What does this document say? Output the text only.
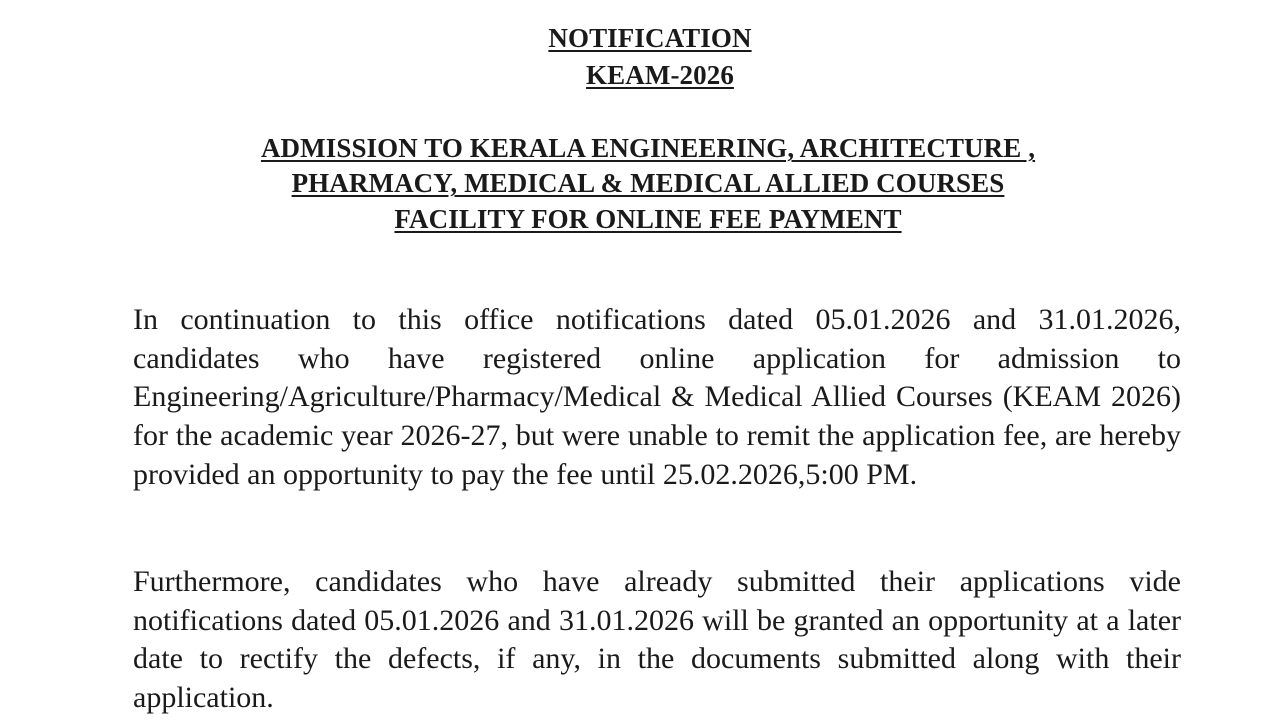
NOTIFICATION
KEAM-2026
ADMISSION TO KERALA ENGINEERING, ARCHITECTURE ,
PHARMACY, MEDICAL & MEDICAL ALLIED COURSES
FACILITY FOR ONLINE FEE PAYMENT

In continuation to this office notifications dated 05.01.2026 and 31.01.2026, candidates who have registered online application for admission to Engineering/Agriculture/Pharmacy/Medical & Medical Allied Courses (KEAM 2026) for the academic year 2026-27, but were unable to remit the application fee, are hereby provided an opportunity to pay the fee until 25.02.2026,5:00 PM.

Furthermore, candidates who have already submitted their applications vide notifications dated 05.01.2026 and 31.01.2026 will be granted an opportunity at a later date to rectify the defects, if any, in the documents submitted along with their application.
